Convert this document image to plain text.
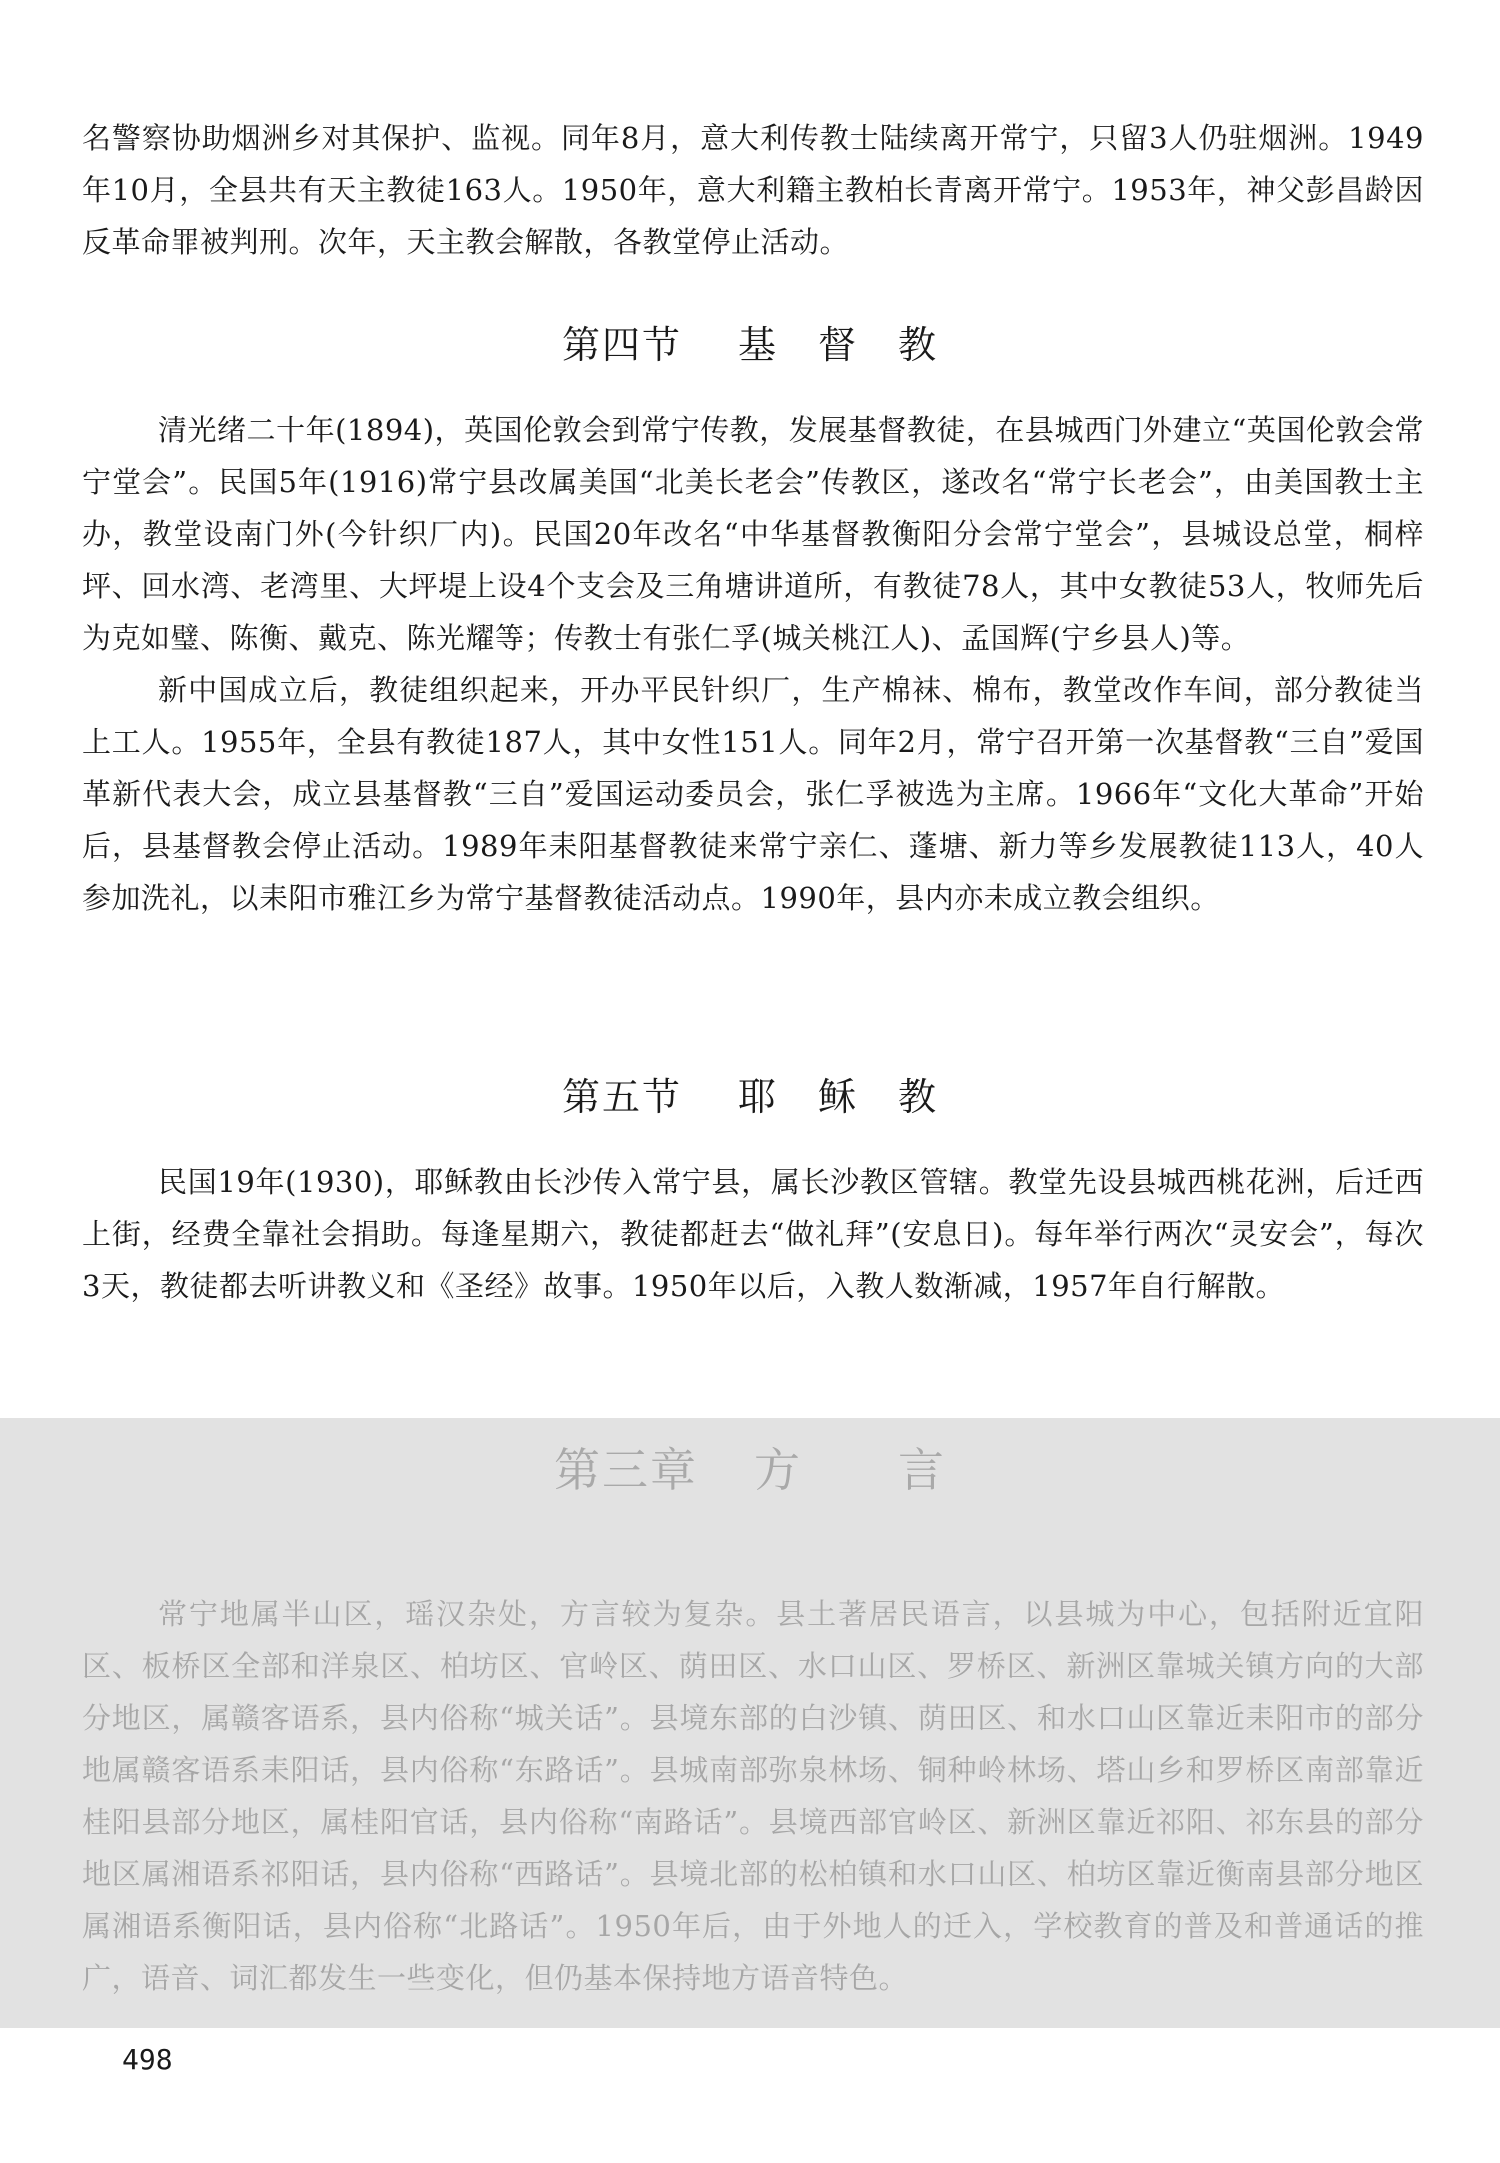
名警察协助烟洲乡对其保护、监视。同年8月，意大利传教士陆续离开常宁，只留3人仍驻烟洲。1949年10月，全县共有天主教徒163人。1950年，意大利籍主教柏长青离开常宁。1953年，神父彭昌龄因反革命罪被判刑。次年，天主教会解散，各教堂停止活动。

第四节 基　督　教

清光绪二十年(1894)，英国伦敦会到常宁传教，发展基督教徒，在县城西门外建立“英国伦敦会常宁堂会”。民国5年(1916)常宁县改属美国“北美长老会”传教区，遂改名“常宁长老会”，由美国教士主办，教堂设南门外(今针织厂内)。民国20年改名“中华基督教衡阳分会常宁堂会”，县城设总堂，桐梓坪、回水湾、老湾里、大坪堤上设4个支会及三角塘讲道所，有教徒78人，其中女教徒53人，牧师先后为克如璧、陈衡、戴克、陈光耀等；传教士有张仁孚(城关桃江人)、孟国辉(宁乡县人)等。

新中国成立后，教徒组织起来，开办平民针织厂，生产棉袜、棉布，教堂改作车间，部分教徒当上工人。1955年，全县有教徒187人，其中女性151人。同年2月，常宁召开第一次基督教“三自”爱国革新代表大会，成立县基督教“三自”爱国运动委员会，张仁孚被选为主席。1966年“文化大革命”开始后，县基督教会停止活动。1989年耒阳基督教徒来常宁亲仁、蓬塘、新力等乡发展教徒113人，40人参加洗礼，以耒阳市雅江乡为常宁基督教徒活动点。1990年，县内亦未成立教会组织。

第五节 耶　稣　教

民国19年(1930)，耶稣教由长沙传入常宁县，属长沙教区管辖。教堂先设县城西桃花洲，后迁西上街，经费全靠社会捐助。每逢星期六，教徒都赶去“做礼拜”(安息日)。每年举行两次“灵安会”，每次3天，教徒都去听讲教义和《圣经》故事。1950年以后，入教人数渐减，1957年自行解散。

第三章 方　　言

常宁地属半山区，瑶汉杂处，方言较为复杂。县土著居民语言，以县城为中心，包括附近宜阳区、板桥区全部和洋泉区、柏坊区、官岭区、荫田区、水口山区、罗桥区、新洲区靠城关镇方向的大部分地区，属赣客语系，县内俗称“城关话”。县境东部的白沙镇、荫田区、和水口山区靠近耒阳市的部分地属赣客语系耒阳话，县内俗称“东路话”。县城南部弥泉林场、铜种岭林场、塔山乡和罗桥区南部靠近桂阳县部分地区，属桂阳官话，县内俗称“南路话”。县境西部官岭区、新洲区靠近祁阳、祁东县的部分地区属湘语系祁阳话，县内俗称“西路话”。县境北部的松柏镇和水口山区、柏坊区靠近衡南县部分地区属湘语系衡阳话，县内俗称“北路话”。1950年后，由于外地人的迁入，学校教育的普及和普通话的推广，语音、词汇都发生一些变化，但仍基本保持地方语音特色。

498
